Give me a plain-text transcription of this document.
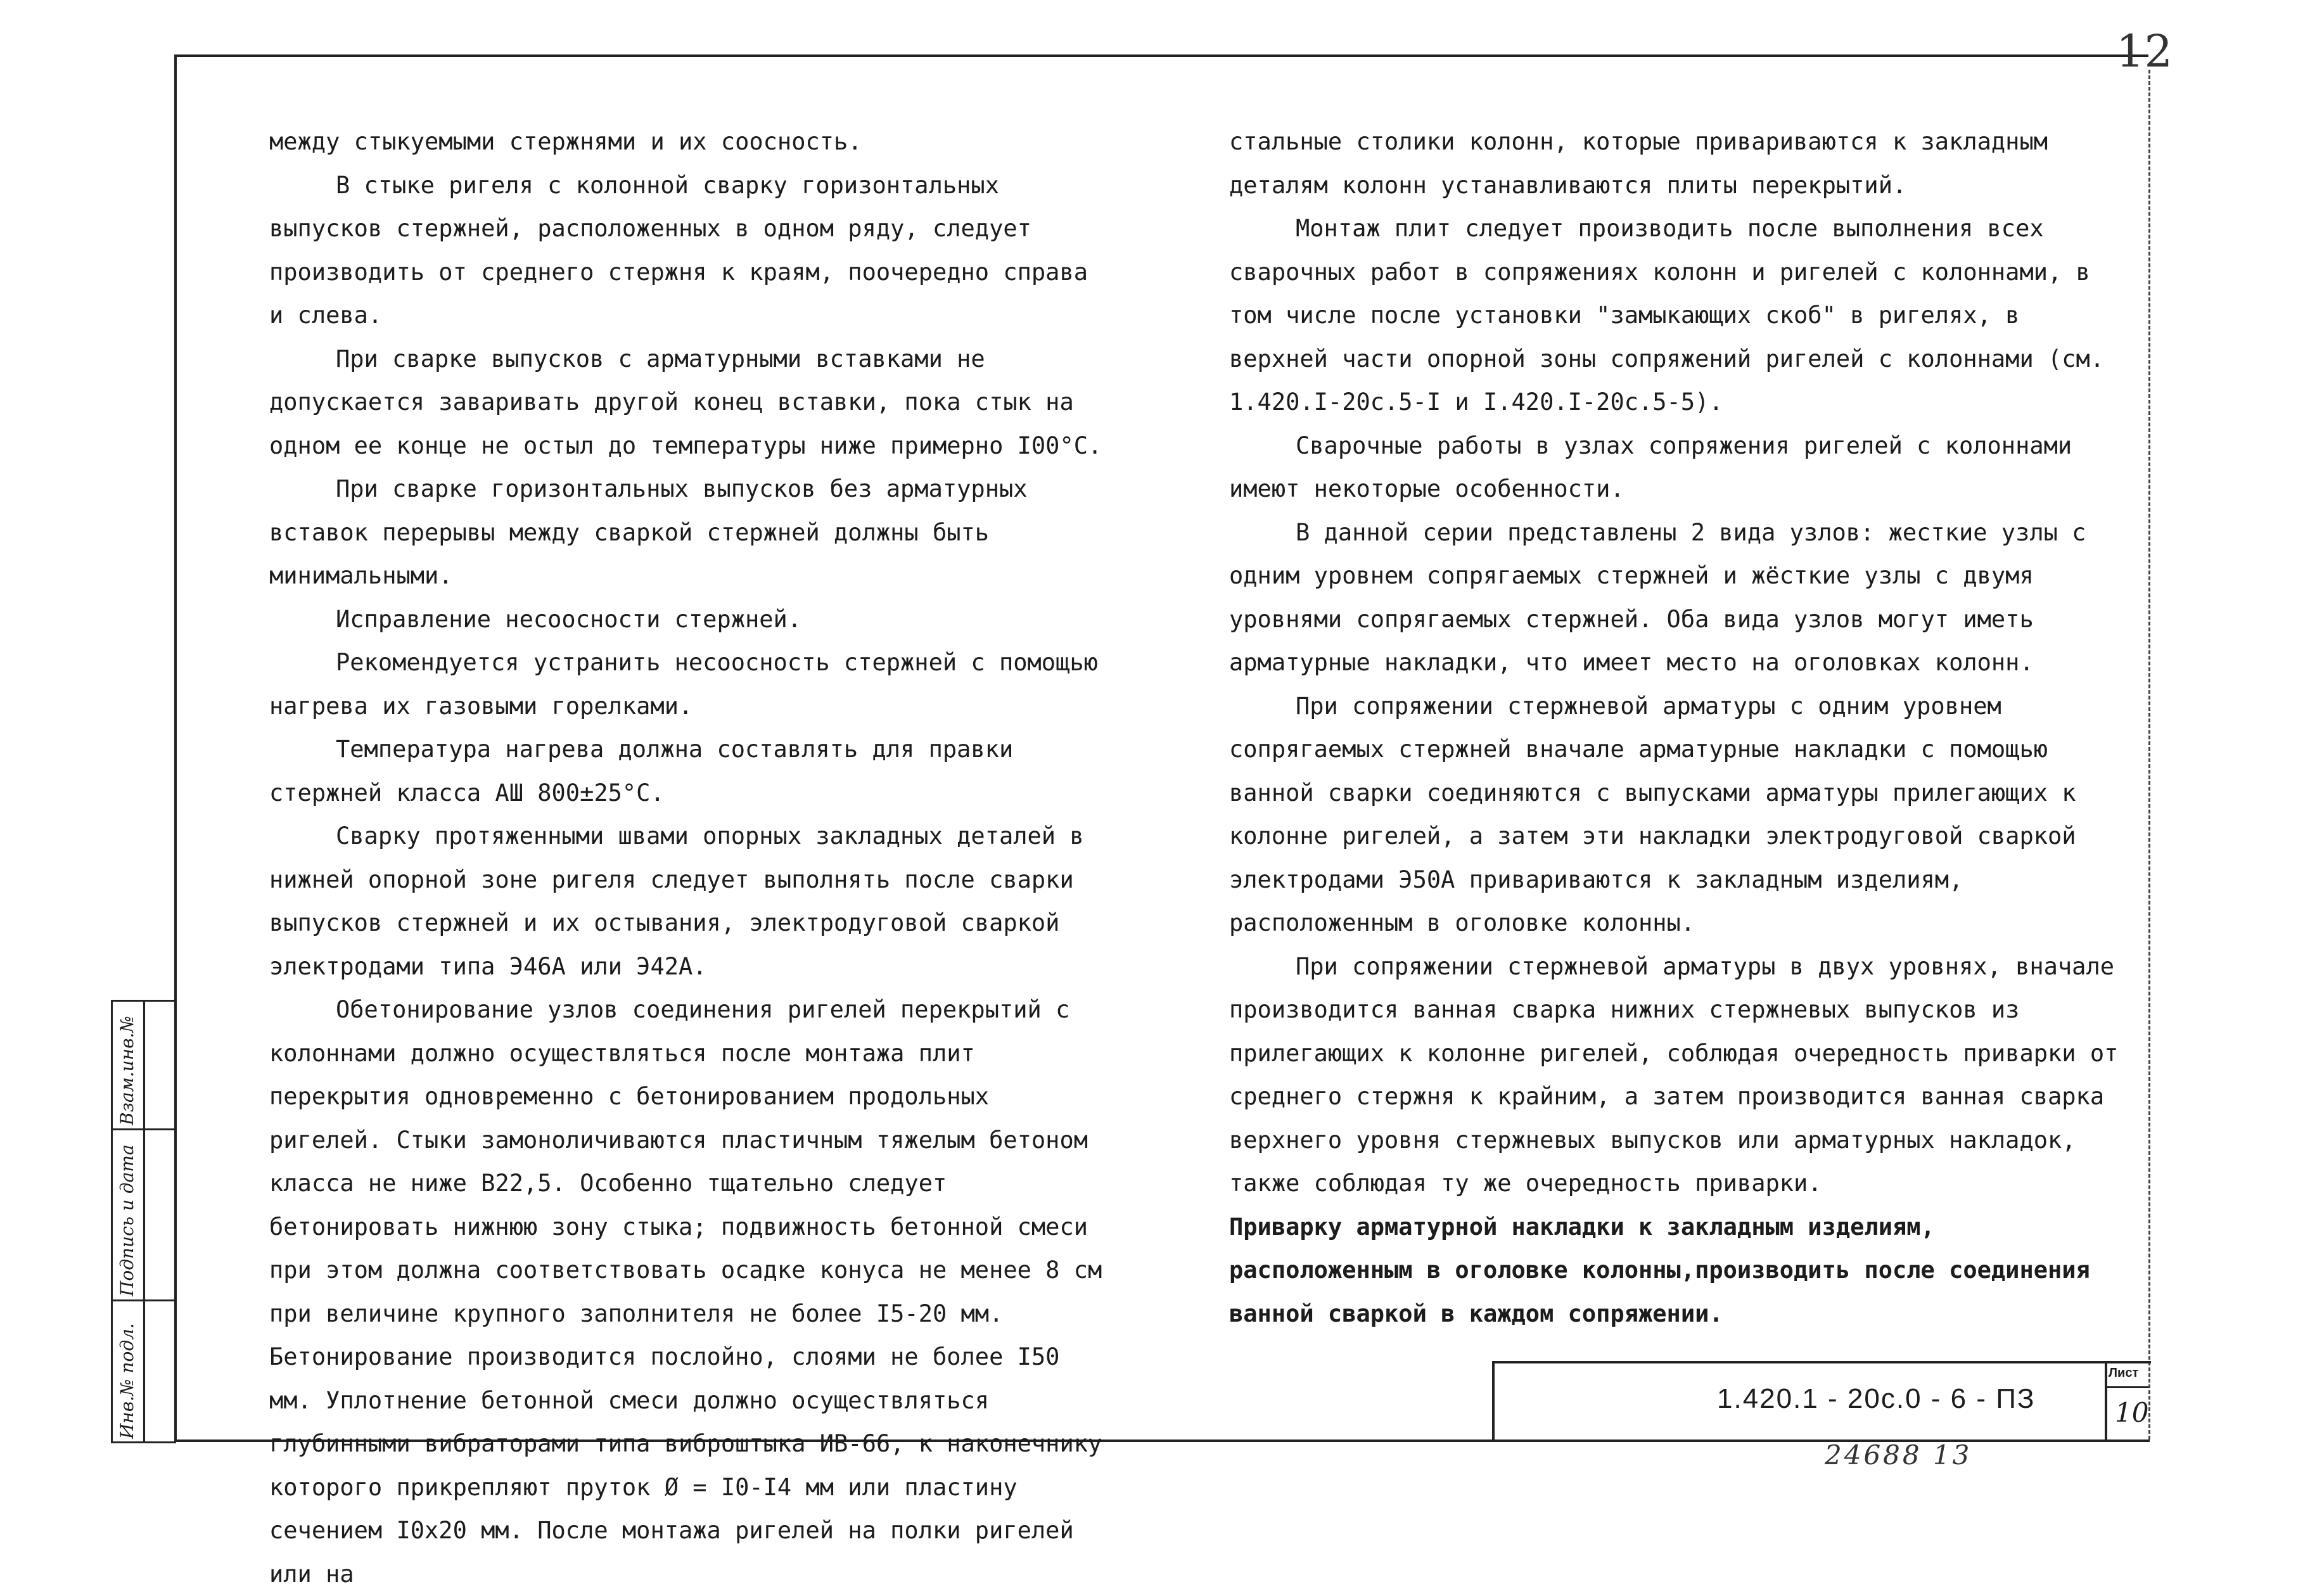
12

между стыкуемыми стержнями и их соосность.

В стыке ригеля с колонной сварку горизонтальных выпусков стержней, расположенных в одном ряду, следует производить от среднего стержня к краям, поочередно справа и слева.

При сварке выпусков с арматурными вставками не допускается заваривать другой конец вставки, пока стык на одном ее конце не остыл до температуры ниже примерно I00°С.

При сварке горизонтальных выпусков без арматурных вставок перерывы между сваркой стержней должны быть минимальными.

Исправление несоосности стержней.

Рекомендуется устранить несоосность стержней с помощью нагрева их газовыми горелками.

Температура нагрева должна составлять для правки стержней класса АШ 800±25°С.

Сварку протяженными швами опорных закладных деталей в нижней опорной зоне ригеля следует выполнять после сварки выпусков стержней и их остывания, электродуговой сваркой электродами типа Э46А или Э42А.

Обетонирование узлов соединения ригелей перекрытий с колоннами должно осуществляться после монтажа плит перекрытия одновременно с бетонированием продольных ригелей. Стыки замоноличиваются пластичным тяжелым бетоном класса не ниже В22,5. Особенно тщательно следует бетонировать нижнюю зону стыка; подвижность бетонной смеси при этом должна соответствовать осадке конуса не менее 8 см при величине крупного заполнителя не более I5-20 мм. Бетонирование производится послойно, слоями не более I50 мм. Уплотнение бетонной смеси должно осуществляться глубинными вибраторами типа виброштыка ИВ-66, к наконечнику которого прикрепляют пруток Ø = I0-I4 мм или пластину сечением I0х20 мм. После монтажа ригелей на полки ригелей или на

стальные столики колонн, которые привариваются к закладным деталям колонн устанавливаются плиты перекрытий.

Монтаж плит следует производить после выполнения всех сварочных работ в сопряжениях колонн и ригелей с колоннами, в том числе после установки "замыкающих скоб" в ригелях, в верхней части опорной зоны сопряжений ригелей с колоннами (см. 1.420.I-20с.5-I и I.420.I-20с.5-5).

Сварочные работы в узлах сопряжения ригелей с колоннами имеют некоторые особенности.

В данной серии представлены 2 вида узлов: жесткие узлы с одним уровнем сопрягаемых стержней и жёсткие узлы с двумя уровнями сопрягаемых стержней. Оба вида узлов могут иметь арматурные накладки, что имеет место на оголовках колонн.

При сопряжении стержневой арматуры с одним уровнем сопрягаемых стержней вначале арматурные накладки с помощью ванной сварки соединяются с выпусками арматуры прилегающих к колонне ригелей, а затем эти накладки электродуговой сваркой электродами Э50А привариваются к закладным изделиям, расположенным в оголовке колонны.

При сопряжении стержневой арматуры в двух уровнях, вначале производится ванная сварка нижних стержневых выпусков из прилегающих к колонне ригелей, соблюдая очередность приварки от среднего стержня к крайним, а затем производится ванная сварка верхнего уровня стержневых выпусков или арматурных накладок, также соблюдая ту же очередность приварки.

Приварку арматурной накладки к закладным изделиям, расположенным в оголовке колонны,производить после соединения ванной сваркой в каждом сопряжении.

Инв.№ подл.
Подпись и дата
Взам.инв.№
1.420.1 - 20с.0 - 6 - ПЗ
Лист
10
24688 13
